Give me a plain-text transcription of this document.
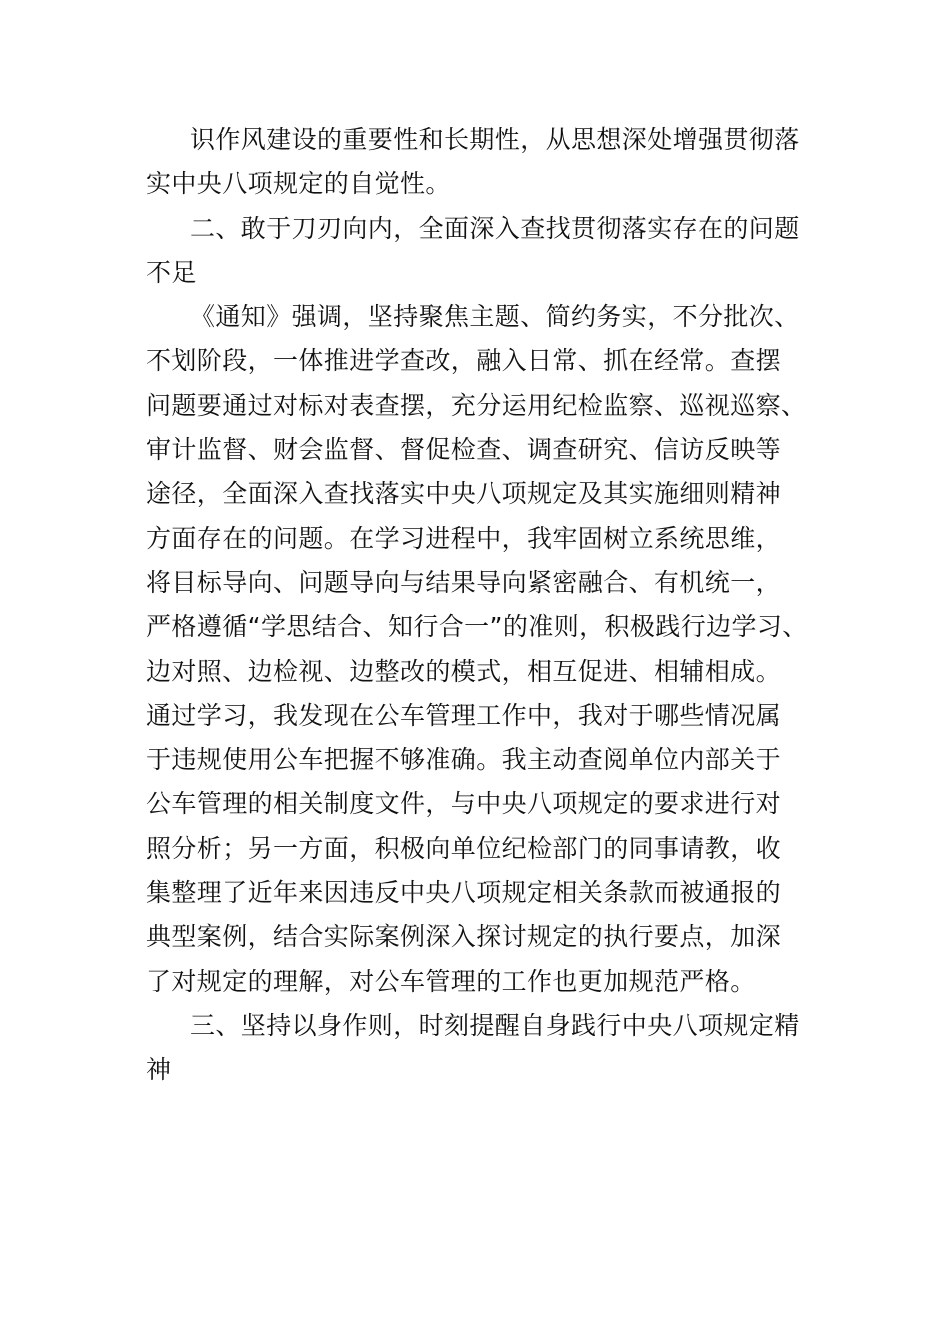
识作风建设的重要性和长期性，从思想深处增强贯彻落
实中央八项规定的自觉性。
二、敢于刀刃向内，全面深入查找贯彻落实存在的问题
不足
《通知》强调，坚持聚焦主题、简约务实，不分批次、
不划阶段，一体推进学查改，融入日常、抓在经常。查摆
问题要通过对标对表查摆，充分运用纪检监察、巡视巡察、
审计监督、财会监督、督促检查、调查研究、信访反映等
途径，全面深入查找落实中央八项规定及其实施细则精神
方面存在的问题。在学习进程中，我牢固树立系统思维，
将目标导向、问题导向与结果导向紧密融合、有机统一，
严格遵循“学思结合、知行合一”的准则，积极践行边学习、
边对照、边检视、边整改的模式，相互促进、相辅相成。
通过学习，我发现在公车管理工作中，我对于哪些情况属
于违规使用公车把握不够准确。我主动查阅单位内部关于
公车管理的相关制度文件，与中央八项规定的要求进行对
照分析；另一方面，积极向单位纪检部门的同事请教，收
集整理了近年来因违反中央八项规定相关条款而被通报的
典型案例，结合实际案例深入探讨规定的执行要点，加深
了对规定的理解，对公车管理的工作也更加规范严格。
三、坚持以身作则，时刻提醒自身践行中央八项规定精
神
